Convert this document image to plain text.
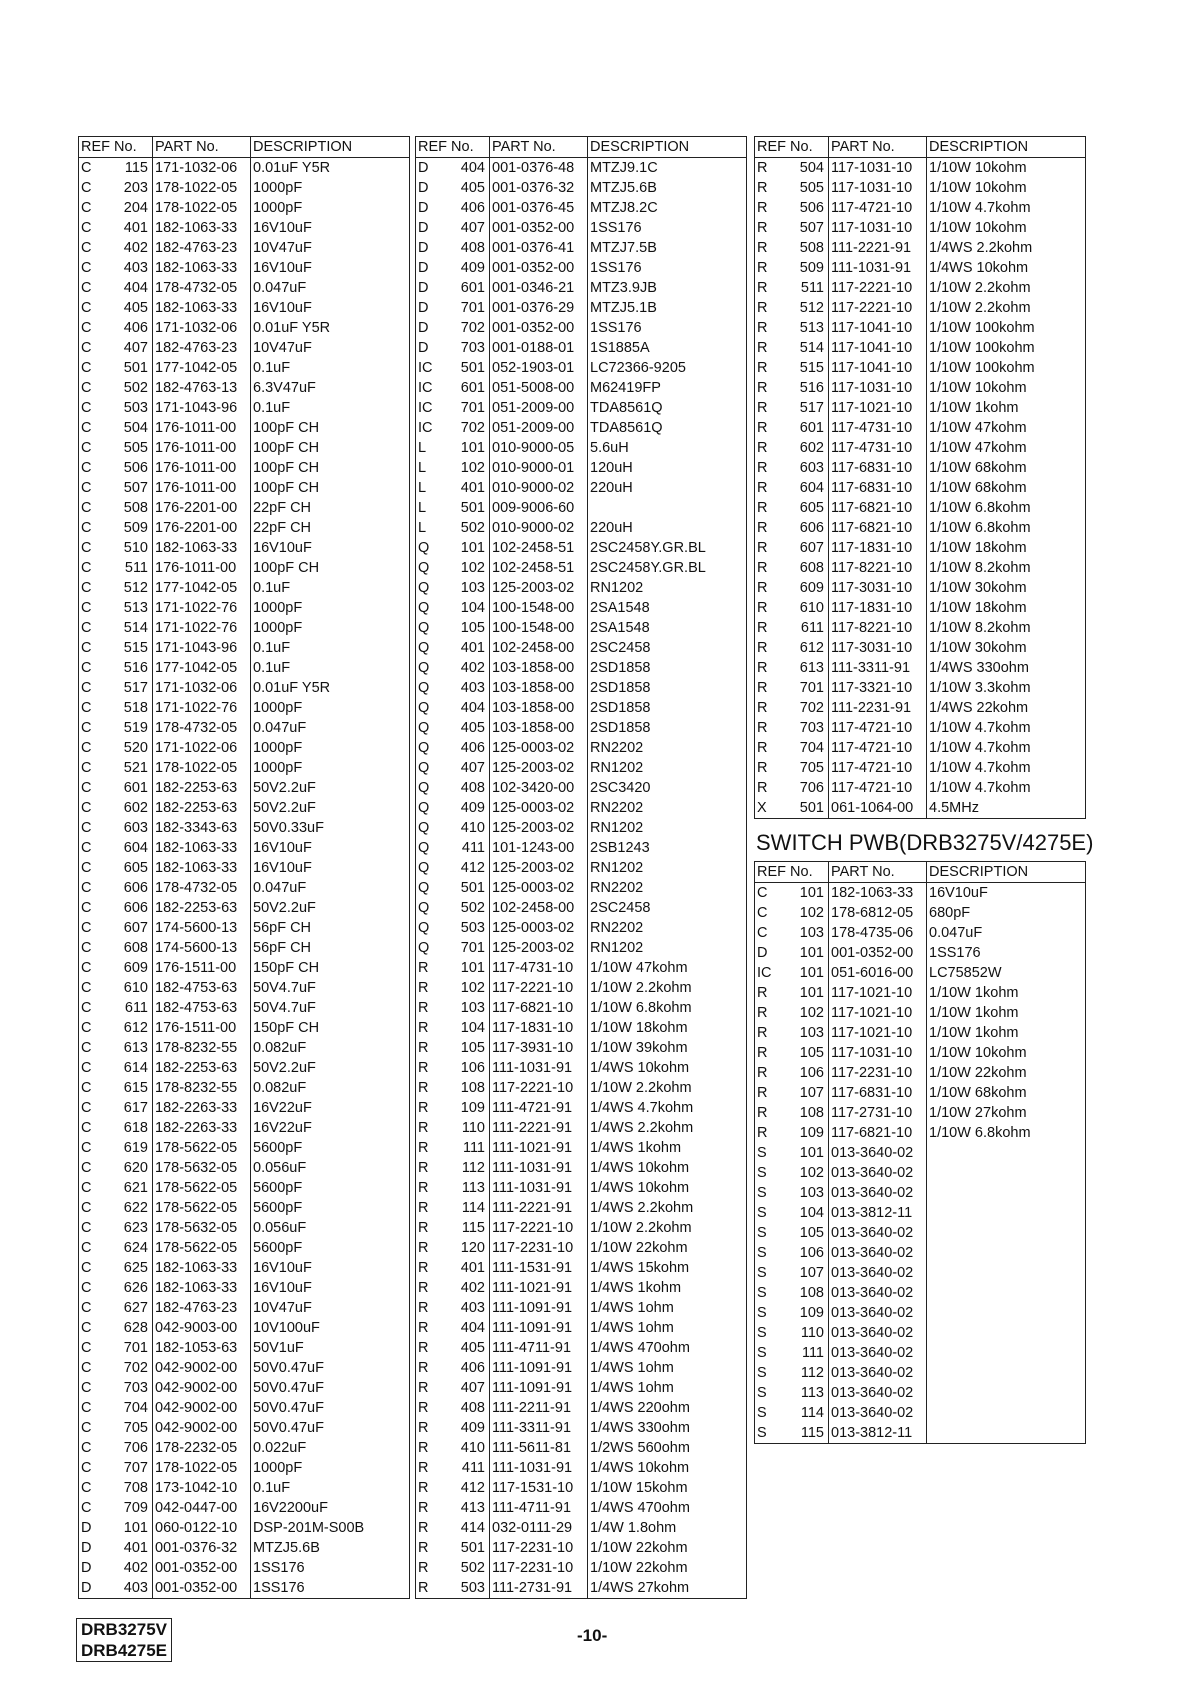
REF No.	PART No.	DESCRIPTION
C	115 171-1032-06	0.01uF Y5R
C	203 178-1022-05	1000pF
C	204 178-1022-05	1000pF
C	401 182-1063-33	16V10uF
C	402 182-4763-23	10V47uF
C	403 182-1063-33	16V10uF
C	404 178-4732-05	0.047uF
C	405 182-1063-33	16V10uF
C	406 171-1032-06	0.01uF Y5R
C	407 182-4763-23	10V47uF
C	501 177-1042-05	0.1uF
C	502 182-4763-13	6.3V47uF
C	503 171-1043-96	0.1uF
C	504 176-1011-00	100pF CH
C	505 176-1011-00	100pF CH
C	506 176-1011-00	100pF CH
C	507 176-1011-00	100pF CH
C	508 176-2201-00	22pF CH
C	509 176-2201-00	22pF CH
C	510 182-1063-33	16V10uF
C	511 176-1011-00	100pF CH
C	512 177-1042-05	0.1uF
C	513 171-1022-76	1000pF
C	514 171-1022-76	1000pF
C	515 171-1043-96	0.1uF
C	516 177-1042-05	0.1uF
C	517 171-1032-06	0.01uF Y5R
C	518 171-1022-76	1000pF
C	519 178-4732-05	0.047uF
C	520 171-1022-06	1000pF
C	521 178-1022-05	1000pF
C	601 182-2253-63	50V2.2uF
C	602 182-2253-63	50V2.2uF
C	603 182-3343-63	50V0.33uF
C	604 182-1063-33	16V10uF
C	605 182-1063-33	16V10uF
C	606 178-4732-05	0.047uF
C	606 182-2253-63	50V2.2uF
C	607 174-5600-13	56pF CH
C	608 174-5600-13	56pF CH
C	609 176-1511-00	150pF CH
C	610 182-4753-63	50V4.7uF
C	611 182-4753-63	50V4.7uF
C	612 176-1511-00	150pF CH
C	613 178-8232-55	0.082uF
C	614 182-2253-63	50V2.2uF
C	615 178-8232-55	0.082uF
C	617 182-2263-33	16V22uF
C	618 182-2263-33	16V22uF
C	619 178-5622-05	5600pF
C	620 178-5632-05	0.056uF
C	621 178-5622-05	5600pF
C	622 178-5622-05	5600pF
C	623 178-5632-05	0.056uF
C	624 178-5622-05	5600pF
C	625 182-1063-33	16V10uF
C	626 182-1063-33	16V10uF
C	627 182-4763-23	10V47uF
C	628 042-9003-00	10V100uF
C	701 182-1053-63	50V1uF
C	702 042-9002-00	50V0.47uF
C	703 042-9002-00	50V0.47uF
C	704 042-9002-00	50V0.47uF
C	705 042-9002-00	50V0.47uF
C	706 178-2232-05	0.022uF
C	707 178-1022-05	1000pF
C	708 173-1042-10	0.1uF
C	709 042-0447-00	16V2200uF
D	101 060-0122-10	DSP-201M-S00B
D	401 001-0376-32	MTZJ5.6B
D	402 001-0352-00	1SS176
D	403 001-0352-00	1SS176
REF No.	PART No.	DESCRIPTION
D	404 001-0376-48	MTZJ9.1C
D	405 001-0376-32	MTZJ5.6B
D	406 001-0376-45	MTZJ8.2C
D	407 001-0352-00	1SS176
D	408 001-0376-41	MTZJ7.5B
D	409 001-0352-00	1SS176
D	601 001-0346-21	MTZ3.9JB
D	701 001-0376-29	MTZJ5.1B
D	702 001-0352-00	1SS176
D	703 001-0188-01	1S1885A
IC	501 052-1903-01	LC72366-9205
IC	601 051-5008-00	M62419FP
IC	701 051-2009-00	TDA8561Q
IC	702 051-2009-00	TDA8561Q
L	101 010-9000-05	5.6uH
L	102 010-9000-01	120uH
L	401 010-9000-02	220uH
L	501 009-9006-60
L	502 010-9000-02	220uH
Q	101 102-2458-51	2SC2458Y.GR.BL
Q	102 102-2458-51	2SC2458Y.GR.BL
Q	103 125-2003-02	RN1202
Q	104 100-1548-00	2SA1548
Q	105 100-1548-00	2SA1548
Q	401 102-2458-00	2SC2458
Q	402 103-1858-00	2SD1858
Q	403 103-1858-00	2SD1858
Q	404 103-1858-00	2SD1858
Q	405 103-1858-00	2SD1858
Q	406 125-0003-02	RN2202
Q	407 125-2003-02	RN1202
Q	408 102-3420-00	2SC3420
Q	409 125-0003-02	RN2202
Q	410 125-2003-02	RN1202
Q	411 101-1243-00	2SB1243
Q	412 125-2003-02	RN1202
Q	501 125-0003-02	RN2202
Q	502 102-2458-00	2SC2458
Q	503 125-0003-02	RN2202
Q	701 125-2003-02	RN1202
R	101 117-4731-10	1/10W 47kohm
R	102 117-2221-10	1/10W 2.2kohm
R	103 117-6821-10	1/10W 6.8kohm
R	104 117-1831-10	1/10W 18kohm
R	105 117-3931-10	1/10W 39kohm
R	106 111-1031-91	1/4WS 10kohm
R	108 117-2221-10	1/10W 2.2kohm
R	109 111-4721-91	1/4WS 4.7kohm
R	110 111-2221-91	1/4WS 2.2kohm
R	111 111-1021-91	1/4WS 1kohm
R	112 111-1031-91	1/4WS 10kohm
R	113 111-1031-91	1/4WS 10kohm
R	114 111-2221-91	1/4WS 2.2kohm
R	115 117-2221-10	1/10W 2.2kohm
R	120 117-2231-10	1/10W 22kohm
R	401 111-1531-91	1/4WS 15kohm
R	402 111-1021-91	1/4WS 1kohm
R	403 111-1091-91	1/4WS 1ohm
R	404 111-1091-91	1/4WS 1ohm
R	405 111-4711-91	1/4WS 470ohm
R	406 111-1091-91	1/4WS 1ohm
R	407 111-1091-91	1/4WS 1ohm
R	408 111-2211-91	1/4WS 220ohm
R	409 111-3311-91	1/4WS 330ohm
R	410 111-5611-81	1/2WS 560ohm
R	411 111-1031-91	1/4WS 10kohm
R	412 117-1531-10	1/10W 15kohm
R	413 111-4711-91	1/4WS 470ohm
R	414 032-0111-29	1/4W 1.8ohm
R	501 117-2231-10	1/10W 22kohm
R	502 117-2231-10	1/10W 22kohm
R	503 111-2731-91	1/4WS 27kohm
REF No.	PART No.	DESCRIPTION
R	504 117-1031-10	1/10W 10kohm
R	505 117-1031-10	1/10W 10kohm
R	506 117-4721-10	1/10W 4.7kohm
R	507 117-1031-10	1/10W 10kohm
R	508 111-2221-91	1/4WS 2.2kohm
R	509 111-1031-91	1/4WS 10kohm
R	511 117-2221-10	1/10W 2.2kohm
R	512 117-2221-10	1/10W 2.2kohm
R	513 117-1041-10	1/10W 100kohm
R	514 117-1041-10	1/10W 100kohm
R	515 117-1041-10	1/10W 100kohm
R	516 117-1031-10	1/10W 10kohm
R	517 117-1021-10	1/10W 1kohm
R	601 117-4731-10	1/10W 47kohm
R	602 117-4731-10	1/10W 47kohm
R	603 117-6831-10	1/10W 68kohm
R	604 117-6831-10	1/10W 68kohm
R	605 117-6821-10	1/10W 6.8kohm
R	606 117-6821-10	1/10W 6.8kohm
R	607 117-1831-10	1/10W 18kohm
R	608 117-8221-10	1/10W 8.2kohm
R	609 117-3031-10	1/10W 30kohm
R	610 117-1831-10	1/10W 18kohm
R	611 117-8221-10	1/10W 8.2kohm
R	612 117-3031-10	1/10W 30kohm
R	613 111-3311-91	1/4WS 330ohm
R	701 117-3321-10	1/10W 3.3kohm
R	702 111-2231-91	1/4WS 22kohm
R	703 117-4721-10	1/10W 4.7kohm
R	704 117-4721-10	1/10W 4.7kohm
R	705 117-4721-10	1/10W 4.7kohm
R	706 117-4721-10	1/10W 4.7kohm
X	501 061-1064-00	4.5MHz
SWITCH PWB(DRB3275V/4275E)
REF No.	PART No.	DESCRIPTION
C	101 182-1063-33	16V10uF
C	102 178-6812-05	680pF
C	103 178-4735-06	0.047uF
D	101 001-0352-00	1SS176
IC	101 051-6016-00	LC75852W
R	101 117-1021-10	1/10W 1kohm
R	102 117-1021-10	1/10W 1kohm
R	103 117-1021-10	1/10W 1kohm
R	105 117-1031-10	1/10W 10kohm
R	106 117-2231-10	1/10W 22kohm
R	107 117-6831-10	1/10W 68kohm
R	108 117-2731-10	1/10W 27kohm
R	109 117-6821-10	1/10W 6.8kohm
S	101 013-3640-02
S	102 013-3640-02
S	103 013-3640-02
S	104 013-3812-11
S	105 013-3640-02
S	106 013-3640-02
S	107 013-3640-02
S	108 013-3640-02
S	109 013-3640-02
S	110 013-3640-02
S	111 013-3640-02
S	112 013-3640-02
S	113 013-3640-02
S	114 013-3640-02
S	115 013-3812-11
DRB3275V
DRB4275E
-10-
